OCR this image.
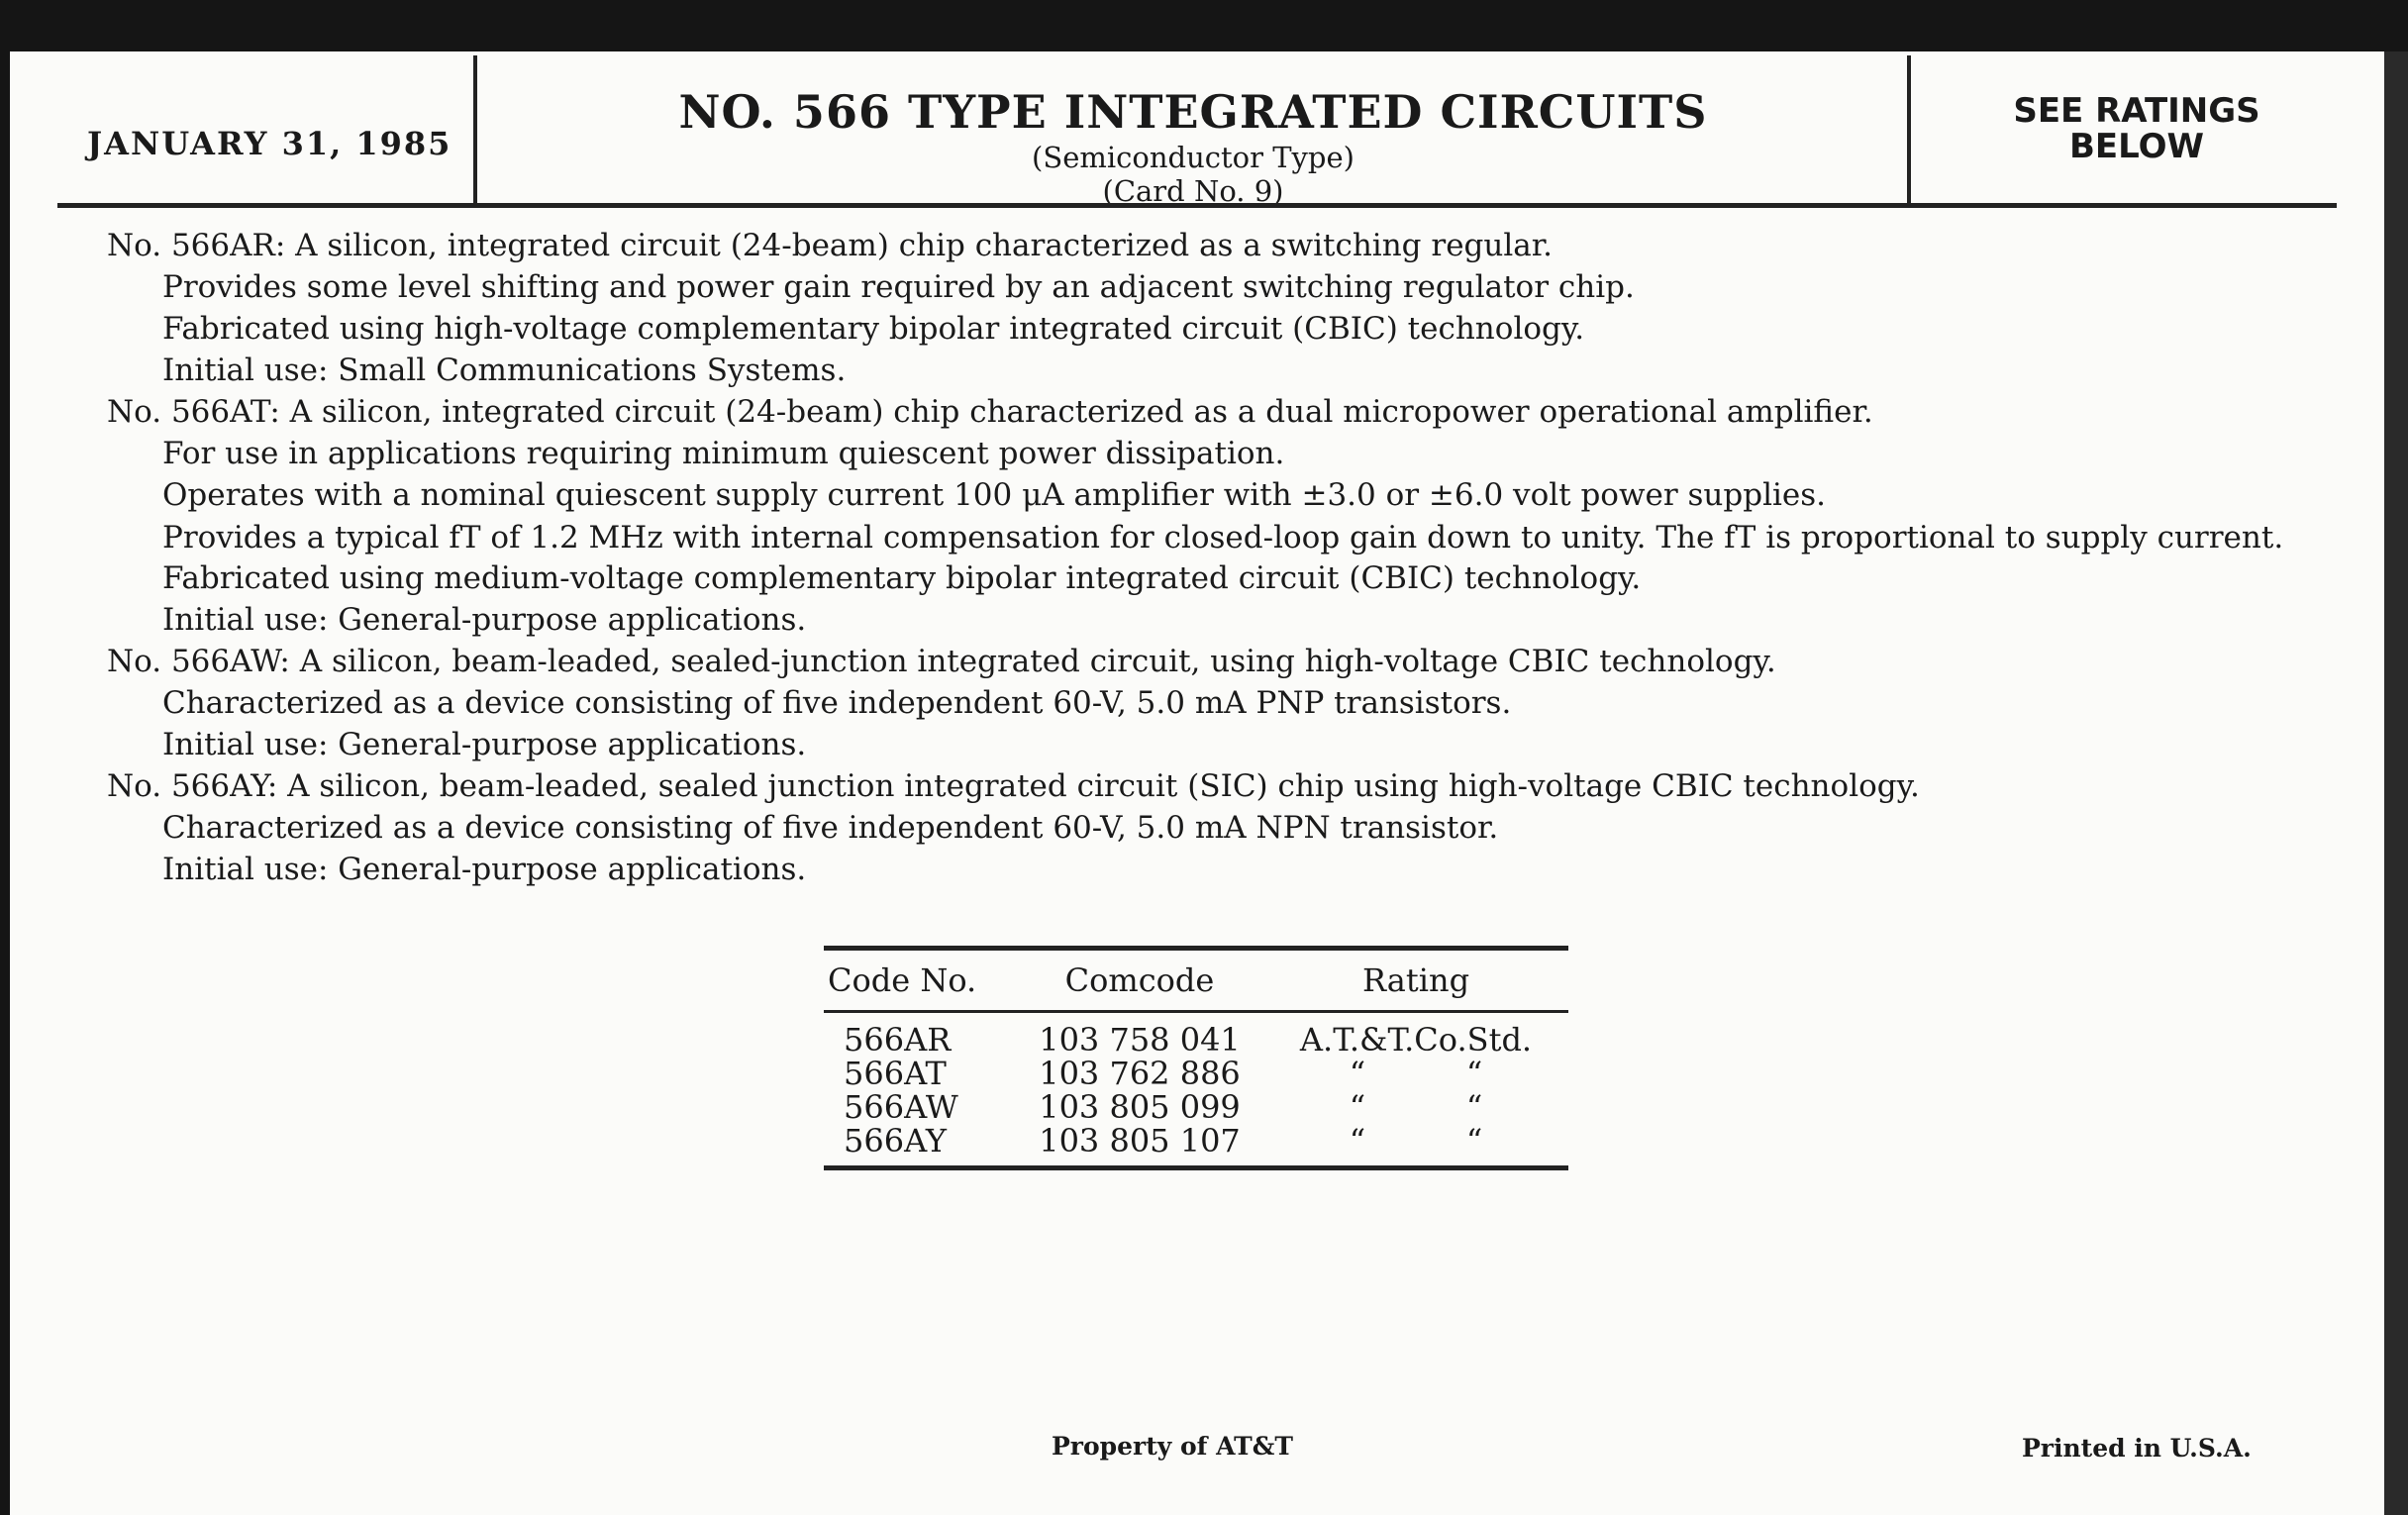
JANUARY 31, 1985
NO. 566 TYPE INTEGRATED CIRCUITS
(Semiconductor Type)
(Card No. 9)
SEE RATINGS
BELOW

No. 566AR: A silicon, integrated circuit (24-beam) chip characterized as a switching regular.

Provides some level shifting and power gain required by an adjacent switching regulator chip.

Fabricated using high-voltage complementary bipolar integrated circuit (CBIC) technology.

Initial use: Small Communications Systems.

No. 566AT: A silicon, integrated circuit (24-beam) chip characterized as a dual micropower operational amplifier.

For use in applications requiring minimum quiescent power dissipation.

Operates with a nominal quiescent supply current 100 μA amplifier with ±3.0 or ±6.0 volt power supplies.

Provides a typical fT of 1.2 MHz with internal compensation for closed-loop gain down to unity. The fT is proportional to supply current.

Fabricated using medium-voltage complementary bipolar integrated circuit (CBIC) technology.

Initial use: General-purpose applications.

No. 566AW: A silicon, beam-leaded, sealed-junction integrated circuit, using high-voltage CBIC technology.

Characterized as a device consisting of five independent 60-V, 5.0 mA PNP transistors.

Initial use: General-purpose applications.

No. 566AY: A silicon, beam-leaded, sealed junction integrated circuit (SIC) chip using high-voltage CBIC technology.

Characterized as a device consisting of five independent 60-V, 5.0 mA NPN transistor.

Initial use: General-purpose applications.

Code No.	Comcode	Rating
566AR	103 758 041	A.T.&T.Co.Std.
566AT	103 762 886	“          “
566AW	103 805 099	“          “
566AY	103 805 107	“          “
Property of AT&T	Printed in U.S.A.
